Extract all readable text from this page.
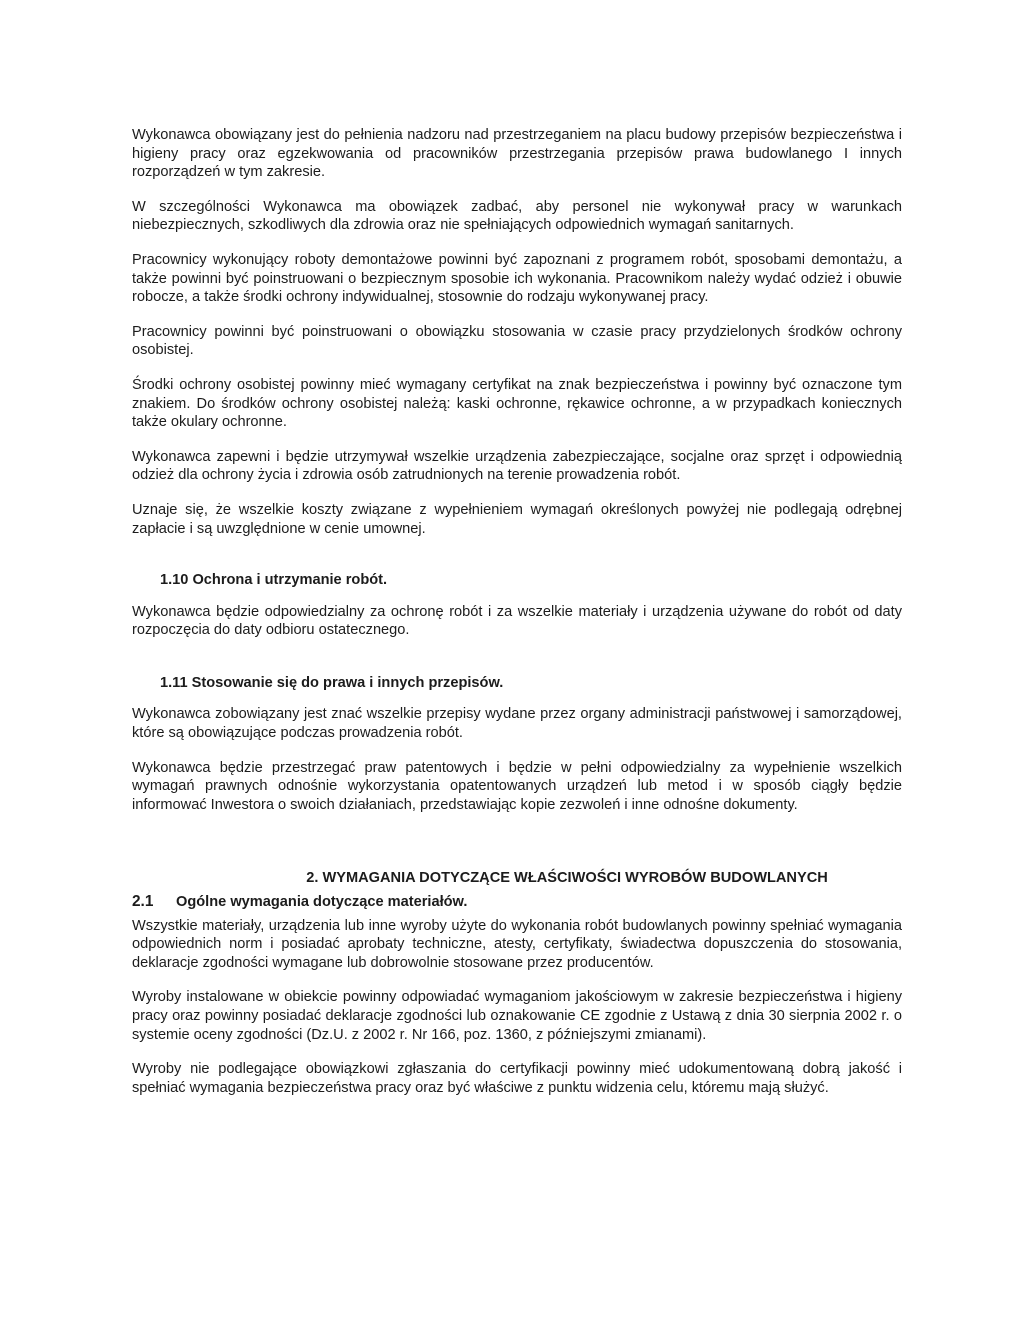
Wykonawca obowiązany jest do pełnienia nadzoru nad przestrzeganiem na placu budowy przepisów bezpieczeństwa i higieny pracy oraz egzekwowania od pracowników przestrzegania przepisów prawa budowlanego I innych rozporządzeń w tym zakresie.

W szczególności Wykonawca ma obowiązek zadbać, aby personel nie wykonywał pracy w warunkach niebezpiecznych, szkodliwych dla zdrowia oraz nie spełniających odpowiednich wymagań sanitarnych.

Pracownicy wykonujący roboty demontażowe powinni być zapoznani z programem robót, sposobami demontażu, a także powinni być poinstruowani o bezpiecznym sposobie ich wykonania. Pracownikom należy wydać odzież i obuwie robocze, a także środki ochrony indywidualnej, stosownie do rodzaju wykonywanej pracy.

Pracownicy powinni być poinstruowani o obowiązku stosowania w czasie pracy przydzielonych środków ochrony osobistej.

Środki ochrony osobistej powinny mieć wymagany certyfikat na znak bezpieczeństwa i powinny być oznaczone tym znakiem. Do środków ochrony osobistej należą: kaski ochronne, rękawice ochronne, a w przypadkach koniecznych także okulary ochronne.

Wykonawca zapewni i będzie utrzymywał wszelkie urządzenia zabezpieczające, socjalne oraz sprzęt i odpowiednią odzież dla ochrony życia i zdrowia osób zatrudnionych na terenie prowadzenia robót.

Uznaje się, że wszelkie koszty związane z wypełnieniem wymagań określonych powyżej nie podlegają odrębnej zapłacie i są uwzględnione w cenie umownej.

1.10 Ochrona i utrzymanie robót.

Wykonawca będzie odpowiedzialny za ochronę robót i za wszelkie materiały i urządzenia używane do robót od daty rozpoczęcia do daty odbioru ostatecznego.

1.11 Stosowanie się do prawa i innych przepisów.

Wykonawca zobowiązany jest znać wszelkie przepisy wydane przez organy administracji państwowej i samorządowej, które są obowiązujące podczas prowadzenia robót.

Wykonawca będzie przestrzegać praw patentowych i będzie w pełni odpowiedzialny za wypełnienie wszelkich wymagań prawnych odnośnie wykorzystania opatentowanych urządzeń lub metod i w sposób ciągły będzie informować Inwestora o swoich działaniach, przedstawiając kopie zezwoleń i inne odnośne dokumenty.

2. WYMAGANIA DOTYCZĄCE WŁAŚCIWOŚCI WYROBÓW BUDOWLANYCH

2.1 Ogólne wymagania dotyczące materiałów.

Wszystkie materiały, urządzenia lub inne wyroby użyte do wykonania robót budowlanych powinny spełniać wymagania odpowiednich norm i posiadać aprobaty techniczne, atesty, certyfikaty, świadectwa dopuszczenia do stosowania, deklaracje zgodności wymagane lub dobrowolnie stosowane przez producentów.

Wyroby instalowane w obiekcie powinny odpowiadać wymaganiom jakościowym w zakresie bezpieczeństwa i higieny pracy oraz powinny posiadać deklaracje zgodności lub oznakowanie CE zgodnie z Ustawą z dnia 30 sierpnia 2002 r. o systemie oceny zgodności (Dz.U. z 2002 r. Nr 166, poz. 1360, z późniejszymi zmianami).

Wyroby nie podlegające obowiązkowi zgłaszania do certyfikacji powinny mieć udokumentowaną dobrą jakość i spełniać wymagania bezpieczeństwa pracy oraz być właściwe z punktu widzenia celu, któremu mają służyć.
